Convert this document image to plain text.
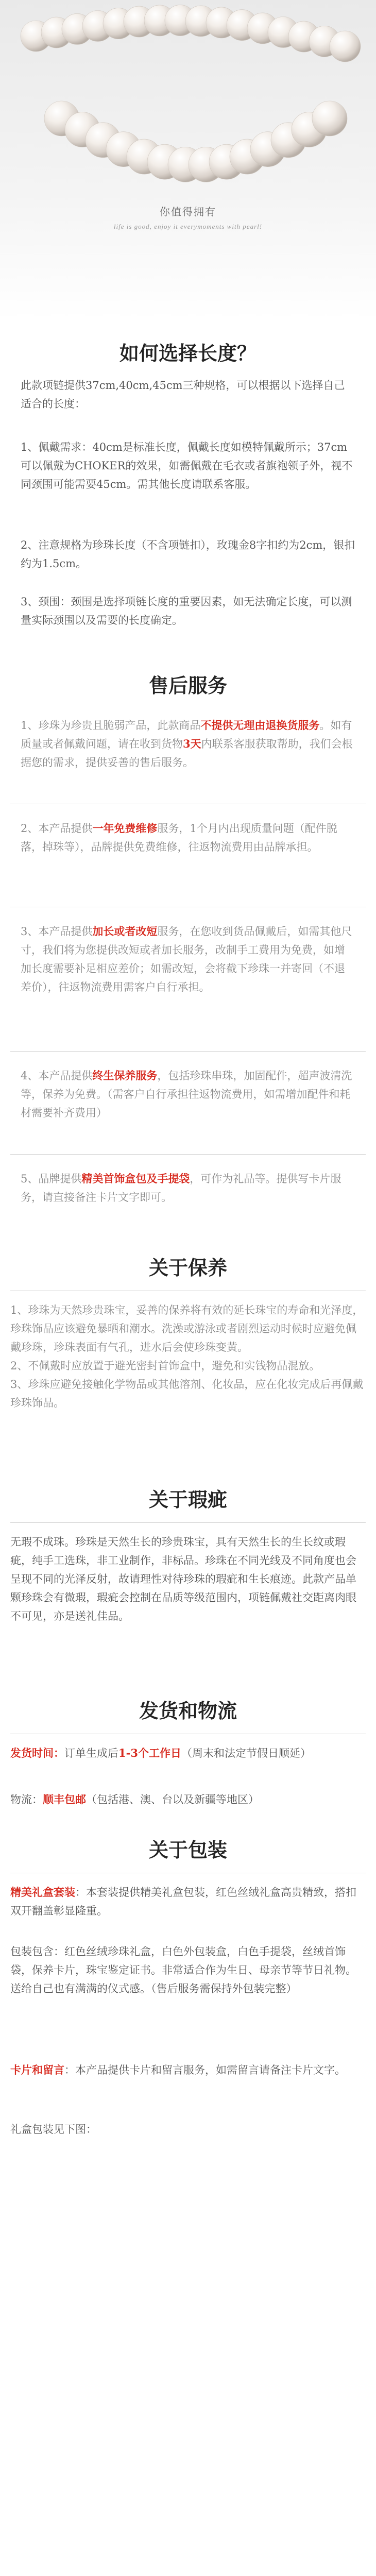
你值得拥有
life is good, enjoy it everymoments with pearl!
如何选择长度？
此款项链提供37cm,40cm,45cm三种规格，可以根据以下选择自己适合的长度：
1、佩戴需求：40cm是标准长度，佩戴长度如模特佩戴所示；37cm可以佩戴为CHOKER的效果，如需佩戴在毛衣或者旗袍领子外，视不同颈围可能需要45cm。需其他长度请联系客服。
2、注意规格为珍珠长度（不含项链扣），玫瑰金8字扣约为2cm，银扣约为1.5cm。
3、颈围：颈围是选择项链长度的重要因素，如无法确定长度，可以测量实际颈围以及需要的长度确定。
售后服务
1、珍珠为珍贵且脆弱产品，此款商品不提供无理由退换货服务。如有质量或者佩戴问题，请在收到货物3天内联系客服获取帮助，我们会根据您的需求，提供妥善的售后服务。
2、本产品提供一年免费维修服务，1个月内出现质量问题（配件脱落，掉珠等），品牌提供免费维修，往返物流费用由品牌承担。
3、本产品提供加长或者改短服务，在您收到货品佩戴后，如需其他尺寸，我们将为您提供改短或者加长服务，改制手工费用为免费，如增加长度需要补足相应差价；如需改短，会将截下珍珠一并寄回（不退差价），往返物流费用需客户自行承担。
4、本产品提供终生保养服务，包括珍珠串珠，加固配件，超声波清洗等，保养为免费。（需客户自行承担往返物流费用，如需增加配件和耗材需要补齐费用）
5、品牌提供精美首饰盒包及手提袋，可作为礼品等。提供写卡片服务，请直接备注卡片文字即可。
关于保养
1、珍珠为天然珍贵珠宝，妥善的保养将有效的延长珠宝的寿命和光泽度，珍珠饰品应该避免暴晒和潮水。洗澡或游泳或者剧烈运动时候时应避免佩戴珍珠，珍珠表面有气孔，进水后会使珍珠变黄。
2、不佩戴时应放置于避光密封首饰盒中，避免和实钱物品混放。
3、珍珠应避免接触化学物品或其他溶剂、化妆品，应在化妆完成后再佩戴珍珠饰品。
关于瑕疵
无瑕不成珠。珍珠是天然生长的珍贵珠宝，具有天然生长的生长纹或瑕疵，纯手工选珠，非工业制作，非标品。珍珠在不同光线及不同角度也会呈现不同的光泽反射，故请理性对待珍珠的瑕疵和生长痕迹。此款产品单颗珍珠会有微瑕，瑕疵会控制在品质等级范围内，项链佩戴社交距离肉眼不可见，亦是送礼佳品。
发货和物流
发货时间：订单生成后1-3个工作日（周末和法定节假日顺延）
物流：顺丰包邮（包括港、澳、台以及新疆等地区）
关于包装
精美礼盒套装：本套装提供精美礼盒包装，红色丝绒礼盒高贵精致，搭扣双开翻盖彰显隆重。
包装包含：红色丝绒珍珠礼盒，白色外包装盒，白色手提袋，丝绒首饰袋，保养卡片，珠宝鉴定证书。非常适合作为生日、母亲节等节日礼物。送给自己也有满满的仪式感。（售后服务需保持外包装完整）
卡片和留言：本产品提供卡片和留言服务，如需留言请备注卡片文字。
礼盒包装见下图：
